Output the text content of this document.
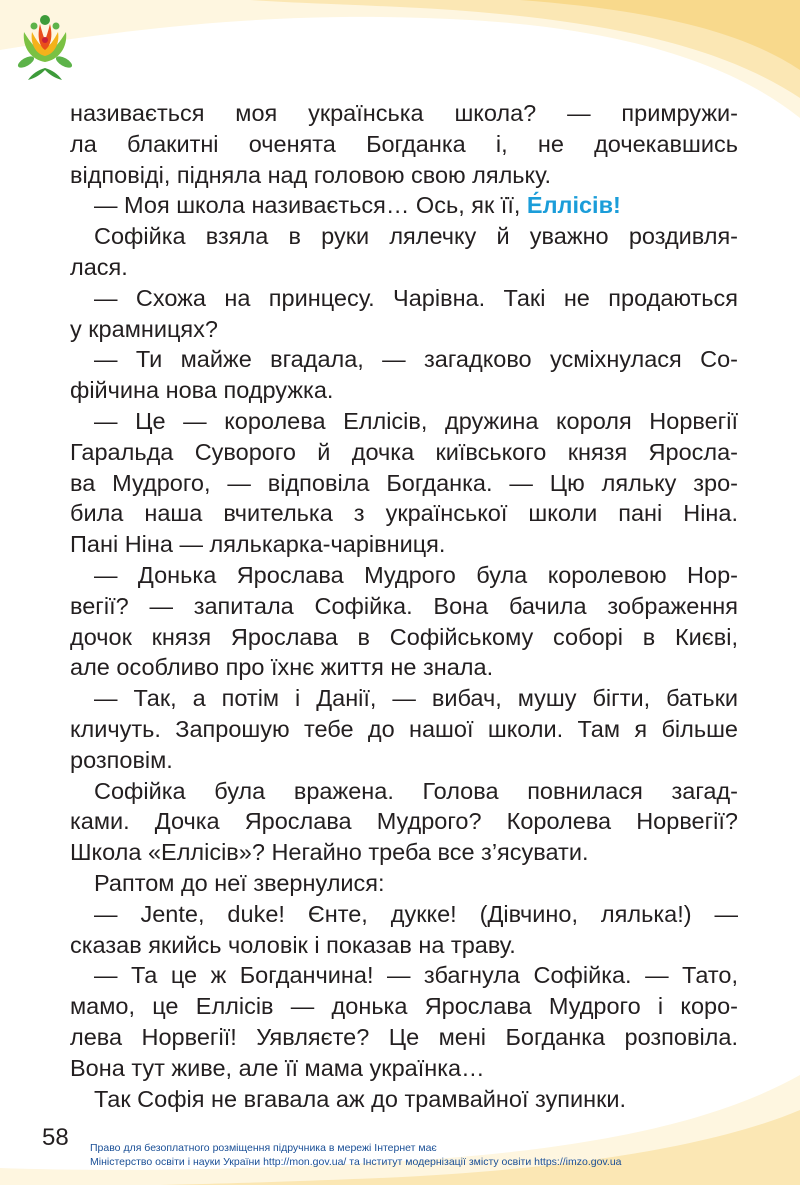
називається моя українська школа? — примружи-

ла блакитні оченята Богданка і, не дочекавшись

відповіді, підняла над головою свою ляльку.

— Моя школа називається… Ось, як її, Е́ллісів!

Софійка взяла в руки лялечку й уважно роздивля-

лася.

— Схожа на принцесу. Чарівна. Такі не продаються

у крамницях?

— Ти майже вгадала, — загадково усміхнулася Со-

фійчина нова подружка.

— Це — королева Еллісів, дружина короля Норвегії

Гаральда Суворого й дочка київського князя Яросла-

ва Мудрого, — відповіла Богданка. — Цю ляльку зро-

била наша вчителька з української школи пані Ніна.

Пані Ніна — лялькарка-чарівниця.

— Донька Ярослава Мудрого була королевою Нор-

вегії? — запитала Софійка. Вона бачила зображення

дочок князя Ярослава в Софійському соборі в Києві,

але особливо про їхнє життя не знала.

— Так, а потім і Данії, — вибач, мушу бігти, батьки

кличуть. Запрошую тебе до нашої школи. Там я більше

розповім.

Софійка була вражена. Голова повнилася загад-

ками. Дочка Ярослава Мудрого? Королева Норвегії?

Школа «Еллісів»? Негайно треба все з’ясувати.

Раптом до неї звернулися:

— Jente, duke! Єнте, дукке! (Дівчино, лялька!) —

сказав якийсь чоловік і показав на траву.

— Та це ж Богданчина! — збагнула Софійка. — Тато,

мамо, це Еллісів — донька Ярослава Мудрого і коро-

лева Норвегії! Уявляєте? Це мені Богданка розповіла.

Вона тут живе, але її мама українка…

Так Софія не вгавала аж до трамвайної зупинки.

58 Право для безоплатного розміщення підручника в мережі Інтернет має
Міністерство освіти і науки України http://mon.gov.ua/ та Інститут модернізації змісту освіти https://imzo.gov.ua
